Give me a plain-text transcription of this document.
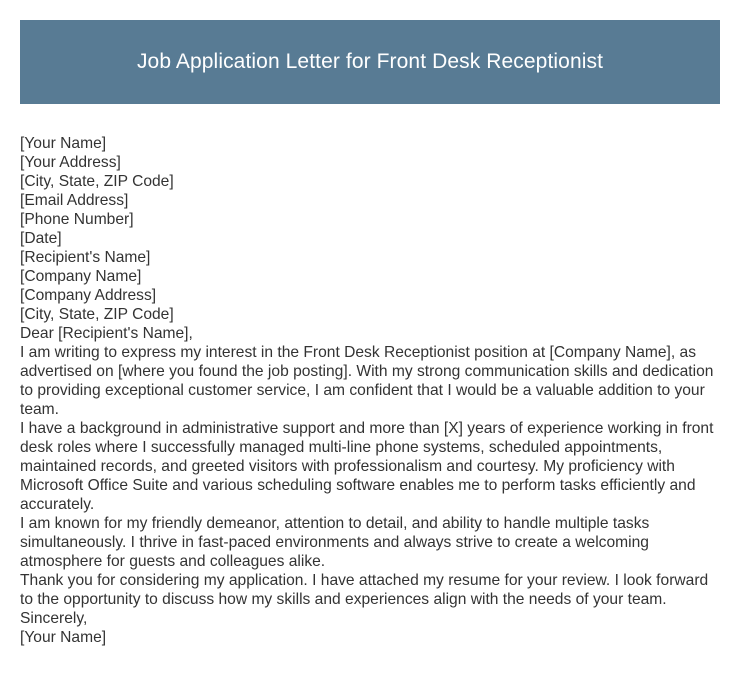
Job Application Letter for Front Desk Receptionist
[Your Name]
[Your Address]
[City, State, ZIP Code]
[Email Address]
[Phone Number]
[Date]
[Recipient's Name]
[Company Name]
[Company Address]
[City, State, ZIP Code]
Dear [Recipient's Name],
I am writing to express my interest in the Front Desk Receptionist position at [Company Name], as advertised on [where you found the job posting]. With my strong communication skills and dedication to providing exceptional customer service, I am confident that I would be a valuable addition to your team.
I have a background in administrative support and more than [X] years of experience working in front desk roles where I successfully managed multi-line phone systems, scheduled appointments, maintained records, and greeted visitors with professionalism and courtesy. My proficiency with Microsoft Office Suite and various scheduling software enables me to perform tasks efficiently and accurately.
I am known for my friendly demeanor, attention to detail, and ability to handle multiple tasks simultaneously. I thrive in fast-paced environments and always strive to create a welcoming atmosphere for guests and colleagues alike.
Thank you for considering my application. I have attached my resume for your review. I look forward to the opportunity to discuss how my skills and experiences align with the needs of your team.
Sincerely,
[Your Name]
